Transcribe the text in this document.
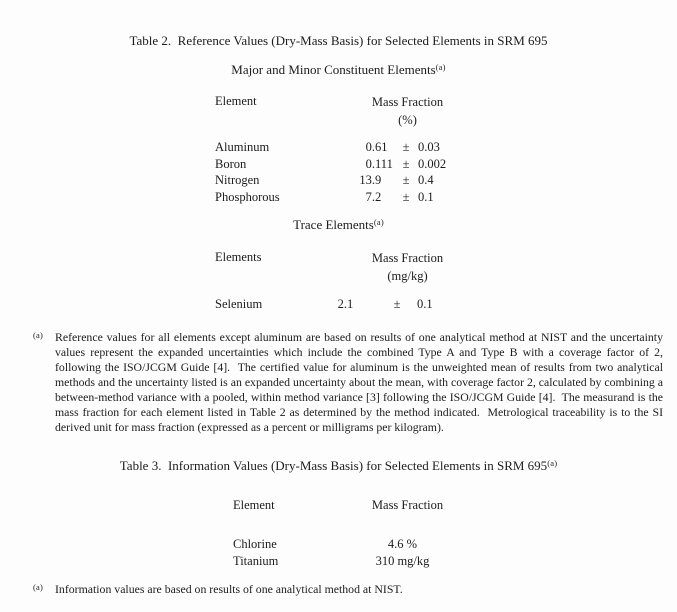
Table 2.  Reference Values (Dry-Mass Basis) for Selected Elements in SRM 695
Major and Minor Constituent Elements$^{(a)}$
Element	Mass Fraction
(%)
Aluminum	0.61	± 0.03
Boron	0.111 ± 0.002
Nitrogen	13.9	± 0.4
Phosphorous	7.2	± 0.1
Trace Elements$^{(a)}$
Elements	Mass Fraction
(mg/kg)
Selenium	2.1	±	0.1
(a) Reference values for all elements except aluminum are based on results of one analytical method at NIST and the uncertainty values represent the expanded uncertainties which include the combined Type A and Type B with a coverage factor of 2, following the ISO/JCGM Guide [4].  The certified value for aluminum is the unweighted mean of results from two analytical methods and the uncertainty listed is an expanded uncertainty about the mean, with coverage factor 2, calculated by combining a between-method variance with a pooled, within method variance [3] following the ISO/JCGM Guide [4].  The measurand is the mass fraction for each element listed in Table 2 as determined by the method indicated.  Metrological traceability is to the SI derived unit for mass fraction (expressed as a percent or milligrams per kilogram).
Table 3.  Information Values (Dry-Mass Basis) for Selected Elements in SRM 695$^{(a)}$
Element	Mass Fraction
Chlorine	4.6 %
Titanium	310 mg/kg
(a) Information values are based on results of one analytical method at NIST.
